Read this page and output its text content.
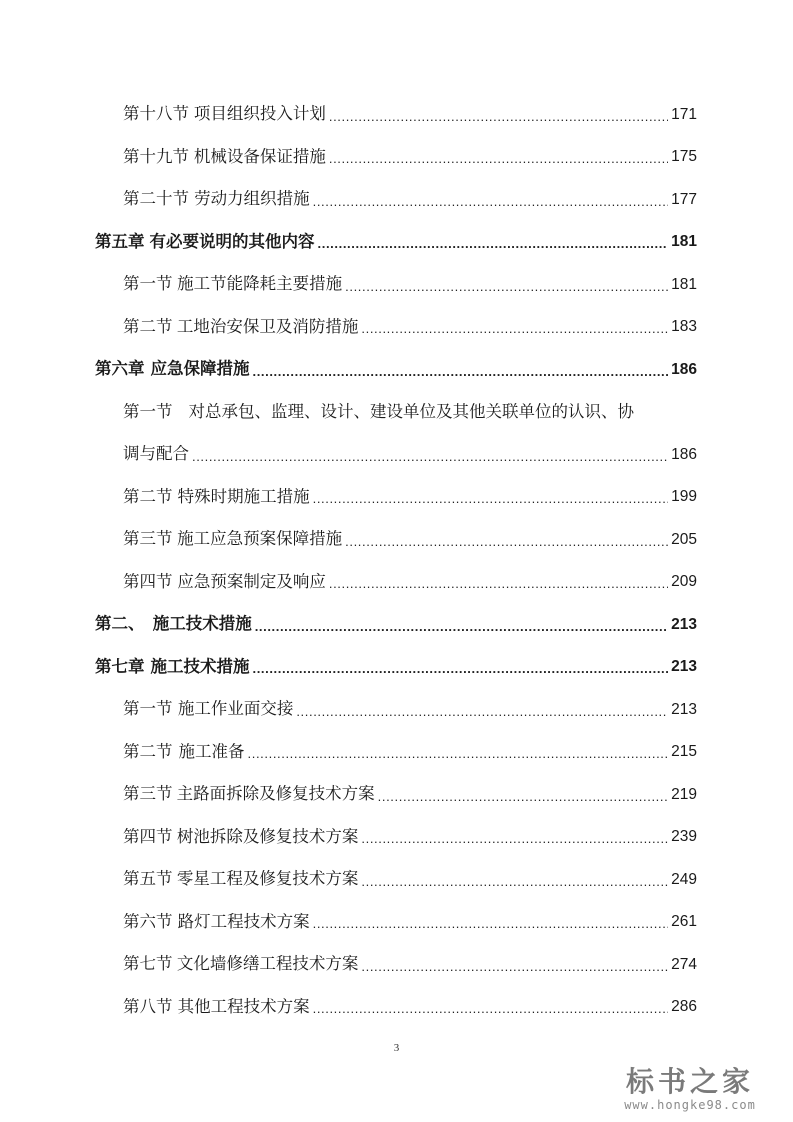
第十八节 项目组织投入计划 .....	171
第十九节 机械设备保证措施 .....	175
第二十节 劳动力组织措施 .....	177
第五章 有必要说明的其他内容 .....	181
第一节 施工节能降耗主要措施 .....	181
第二节 工地治安保卫及消防措施 .....	183
第六章 应急保障措施 .....	186
第一节 对总承包、监理、设计、建设单位及其他关联单位的认识、协
调与配合 .....	186
第二节 特殊时期施工措施 .....	199
第三节 施工应急预案保障措施 .....	205
第四节 应急预案制定及响应 .....	209
第二、 施工技术措施 .....	213
第七章 施工技术措施 .....	213
第一节 施工作业面交接 .....	213
第二节 施工准备 .....	215
第三节 主路面拆除及修复技术方案 .....	219
第四节 树池拆除及修复技术方案 .....	239
第五节 零星工程及修复技术方案 .....	249
第六节 路灯工程技术方案 .....	261
第七节 文化墙修缮工程技术方案 .....	274
第八节 其他工程技术方案 .....	286
3
标书之家
www.hongke98.com
